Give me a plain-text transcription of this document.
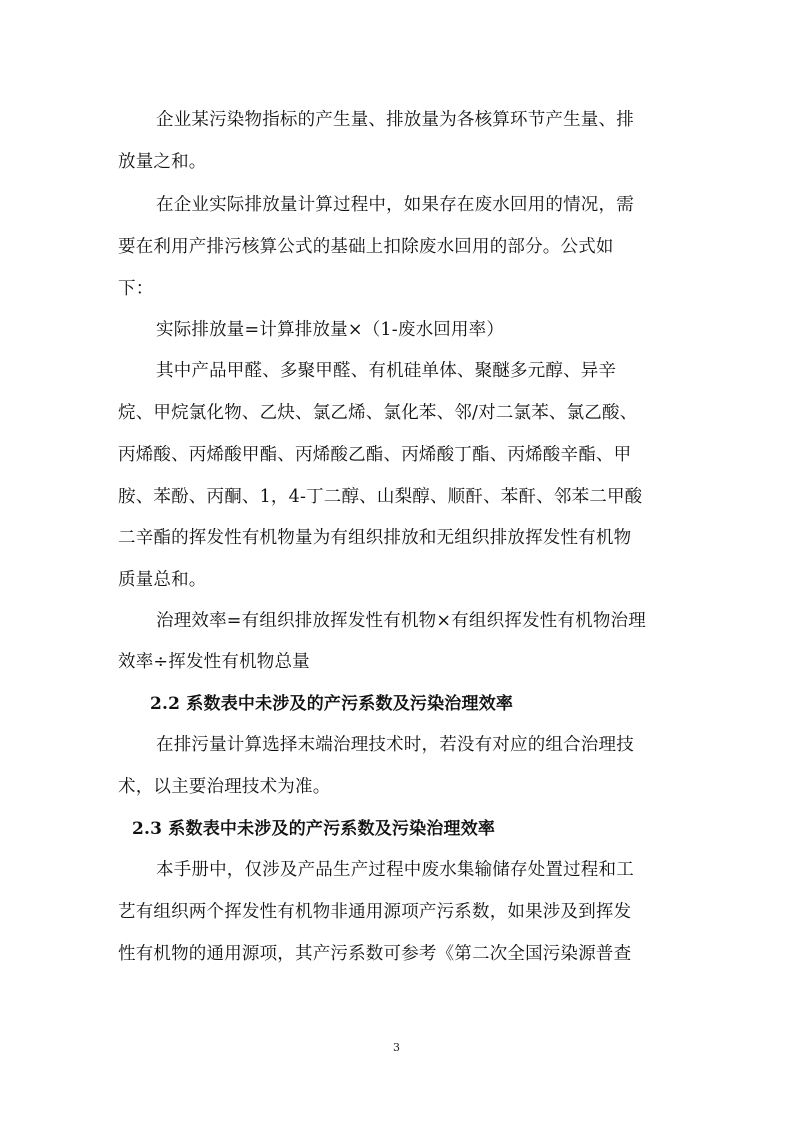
企业某污染物指标的产生量、排放量为各核算环节产生量、排
放量之和。
在企业实际排放量计算过程中，如果存在废水回用的情况，需
要在利用产排污核算公式的基础上扣除废水回用的部分。公式如
下：
实际排放量=计算排放量×（1-废水回用率）
其中产品甲醛、多聚甲醛、有机硅单体、聚醚多元醇、异辛
烷、甲烷氯化物、乙炔、氯乙烯、氯化苯、邻/对二氯苯、氯乙酸、
丙烯酸、丙烯酸甲酯、丙烯酸乙酯、丙烯酸丁酯、丙烯酸辛酯、甲
胺、苯酚、丙酮、1，4-丁二醇、山梨醇、顺酐、苯酐、邻苯二甲酸
二辛酯的挥发性有机物量为有组织排放和无组织排放挥发性有机物
质量总和。
治理效率=有组织排放挥发性有机物×有组织挥发性有机物治理
效率÷挥发性有机物总量
2.2 系数表中未涉及的产污系数及污染治理效率
在排污量计算选择末端治理技术时，若没有对应的组合治理技
术，以主要治理技术为准。
2.3 系数表中未涉及的产污系数及污染治理效率
本手册中，仅涉及产品生产过程中废水集输储存处置过程和工
艺有组织两个挥发性有机物非通用源项产污系数，如果涉及到挥发
性有机物的通用源项，其产污系数可参考《第二次全国污染源普查
3
